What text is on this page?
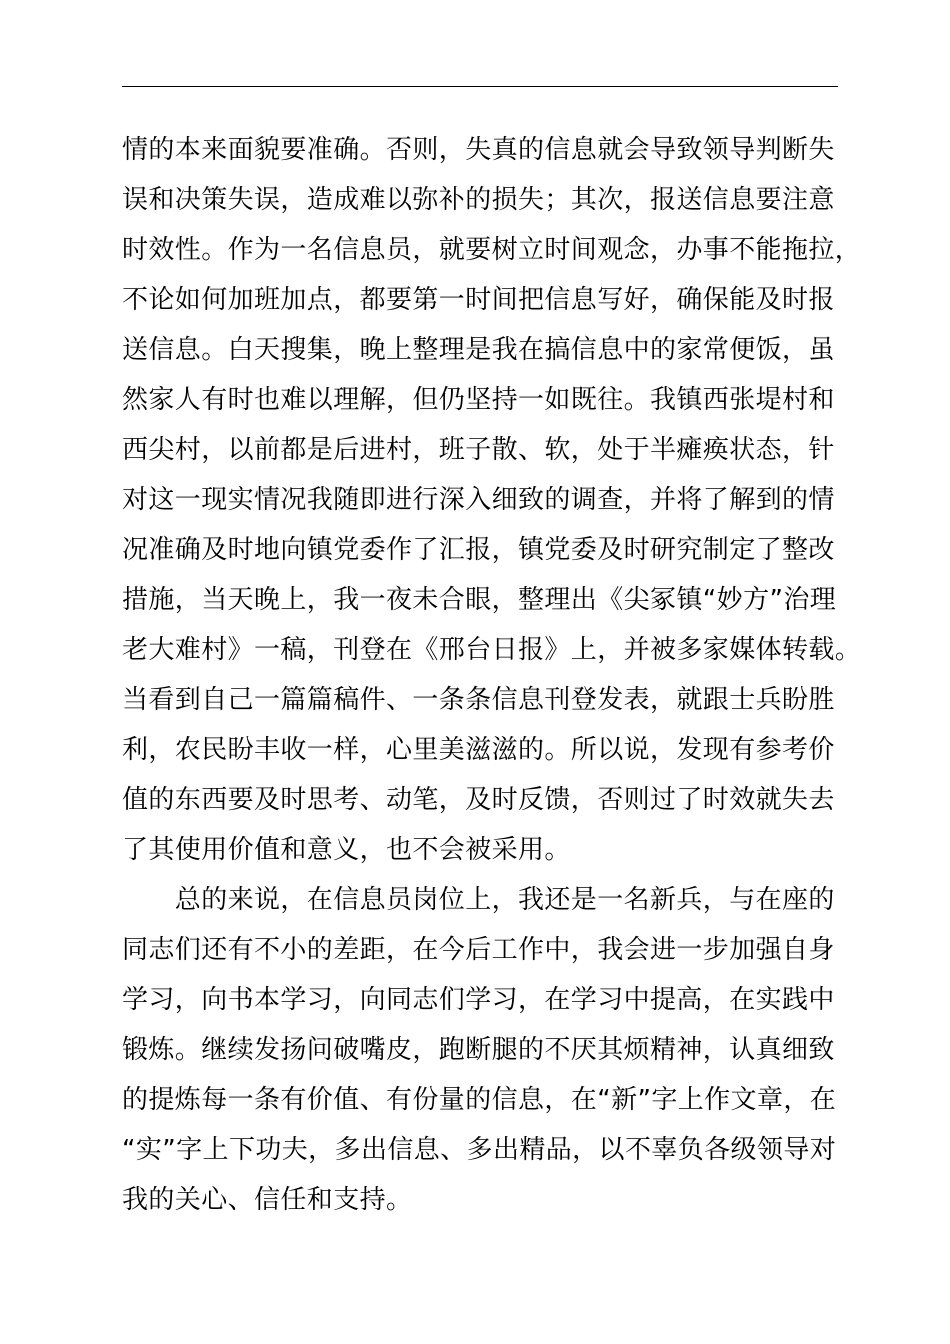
情的本来面貌要准确。否则，失真的信息就会导致领导判断失
误和决策失误，造成难以弥补的损失；其次，报送信息要注意
时效性。作为一名信息员，就要树立时间观念，办事不能拖拉，
不论如何加班加点，都要第一时间把信息写好，确保能及时报
送信息。白天搜集，晚上整理是我在搞信息中的家常便饭，虽
然家人有时也难以理解，但仍坚持一如既往。我镇西张堤村和
西尖村，以前都是后进村，班子散、软，处于半瘫痪状态，针
对这一现实情况我随即进行深入细致的调查，并将了解到的情
况准确及时地向镇党委作了汇报，镇党委及时研究制定了整改
措施，当天晚上，我一夜未合眼，整理出《尖冢镇“妙方”治理
老大难村》一稿，刊登在《邢台日报》上，并被多家媒体转载。
当看到自己一篇篇稿件、一条条信息刊登发表，就跟士兵盼胜
利，农民盼丰收一样，心里美滋滋的。所以说，发现有参考价
值的东西要及时思考、动笔，及时反馈，否则过了时效就失去
了其使用价值和意义，也不会被采用。
　　总的来说，在信息员岗位上，我还是一名新兵，与在座的
同志们还有不小的差距，在今后工作中，我会进一步加强自身
学习，向书本学习，向同志们学习，在学习中提高，在实践中
锻炼。继续发扬问破嘴皮，跑断腿的不厌其烦精神，认真细致
的提炼每一条有价值、有份量的信息，在“新”字上作文章，在
“实”字上下功夫，多出信息、多出精品，以不辜负各级领导对
我的关心、信任和支持。
